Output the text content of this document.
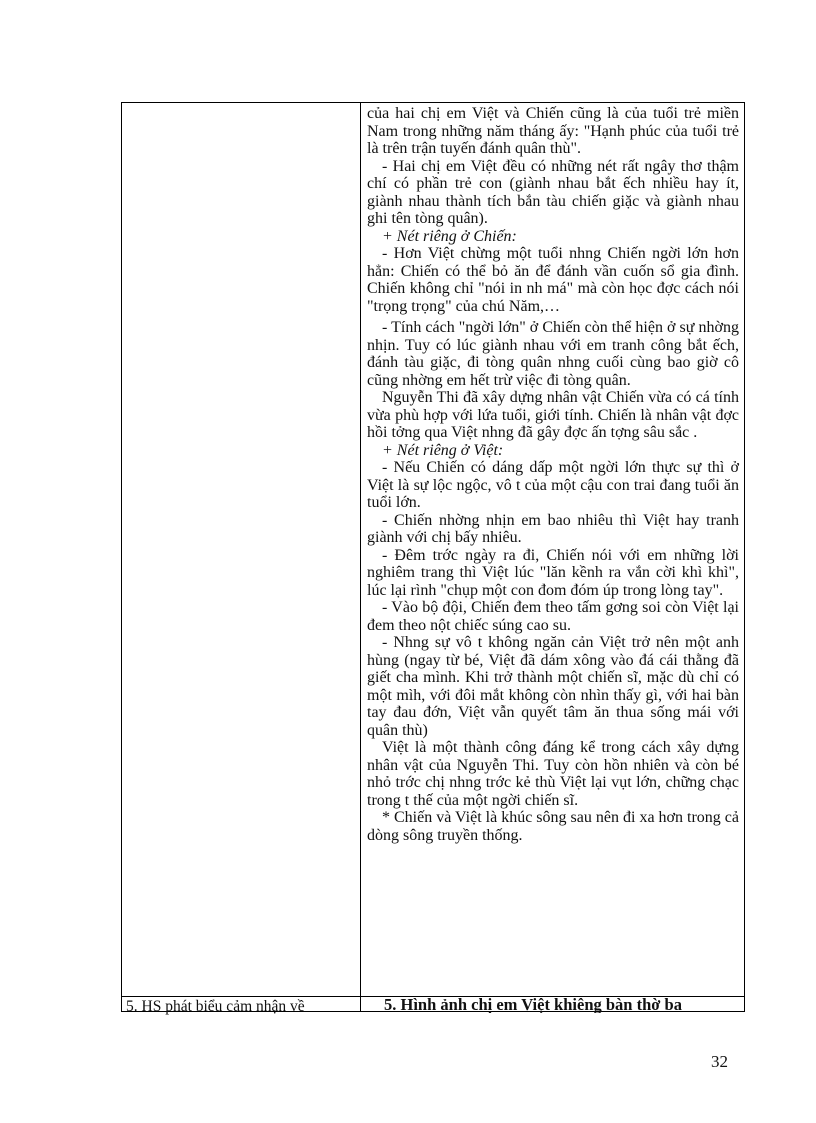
của hai chị em Việt và Chiến cũng là của tuổi trẻ miền Nam trong những năm tháng ấy: "Hạnh phúc của tuổi trẻ là trên trận tuyến đánh quân thù".

- Hai chị em Việt đều có những nét rất ngây thơ thậm chí có phần trẻ con (giành nhau bắt ếch nhiều hay ít, giành nhau thành tích bắn tàu chiến giặc và giành nhau ghi tên tòng quân).

+ Nét riêng ở Chiến:

- Hơn Việt chừng một tuổi nhng Chiến ngời lớn hơn hẳn: Chiến có thể bỏ ăn để đánh vần cuốn sổ gia đình. Chiến không chỉ "nói in nh má" mà còn học đợc cách nói "trọng trọng" của chú Năm,…

- Tính cách "ngời lớn" ở Chiến còn thể hiện ở sự nhờng nhịn. Tuy có lúc giành nhau với em tranh công bắt ếch, đánh tàu giặc, đi tòng quân nhng cuối cùng bao giờ cô cũng nhờng em hết trừ việc đi tòng quân.

Nguyễn Thi đã xây dựng nhân vật Chiến vừa có cá tính vừa phù hợp với lứa tuổi, giới tính. Chiến là nhân vật đợc hồi tởng qua Việt nhng đã gây đợc ấn tợng sâu sắc .

+ Nét riêng ở Việt:

- Nếu Chiến có dáng dấp một ngời lớn thực sự thì ở Việt là sự lộc ngộc, vô t của một cậu con trai đang tuổi ăn tuổi lớn.

- Chiến nhờng nhịn em bao nhiêu thì Việt hay tranh giành với chị bấy nhiêu.

- Đêm trớc ngày ra đi, Chiến nói với em những lời nghiêm trang thì Việt lúc "lăn kềnh ra vắn cời khì khì", lúc lại rình "chụp một con đom đóm úp trong lòng tay".

- Vào bộ đội, Chiến đem theo tấm gơng soi còn Việt lại đem theo nột chiếc súng cao su.

- Nhng sự vô t không ngăn cản Việt trở nên một anh hùng (ngay từ bé, Việt đã dám xông vào đá cái thằng đã giết cha mình. Khi trở thành một chiến sĩ, mặc dù chỉ có một mìh, với đôi mắt không còn nhìn thấy gì, với hai bàn tay đau đớn, Việt vẫn quyết tâm ăn thua sống mái với quân thù)

Việt là một thành công đáng kể trong cách xây dựng nhân vật của Nguyễn Thi. Tuy còn hồn nhiên và còn bé nhỏ trớc chị nhng trớc kẻ thù Việt lại vụt lớn, chững chạc trong t thế của một ngời chiến sĩ.

* Chiến và Việt là khúc sông sau nên đi xa hơn trong cả dòng sông truyền thống.

5. HS phát biểu cảm nhận về	5. Hình ảnh chị em Việt khiêng bàn thờ ba
32
